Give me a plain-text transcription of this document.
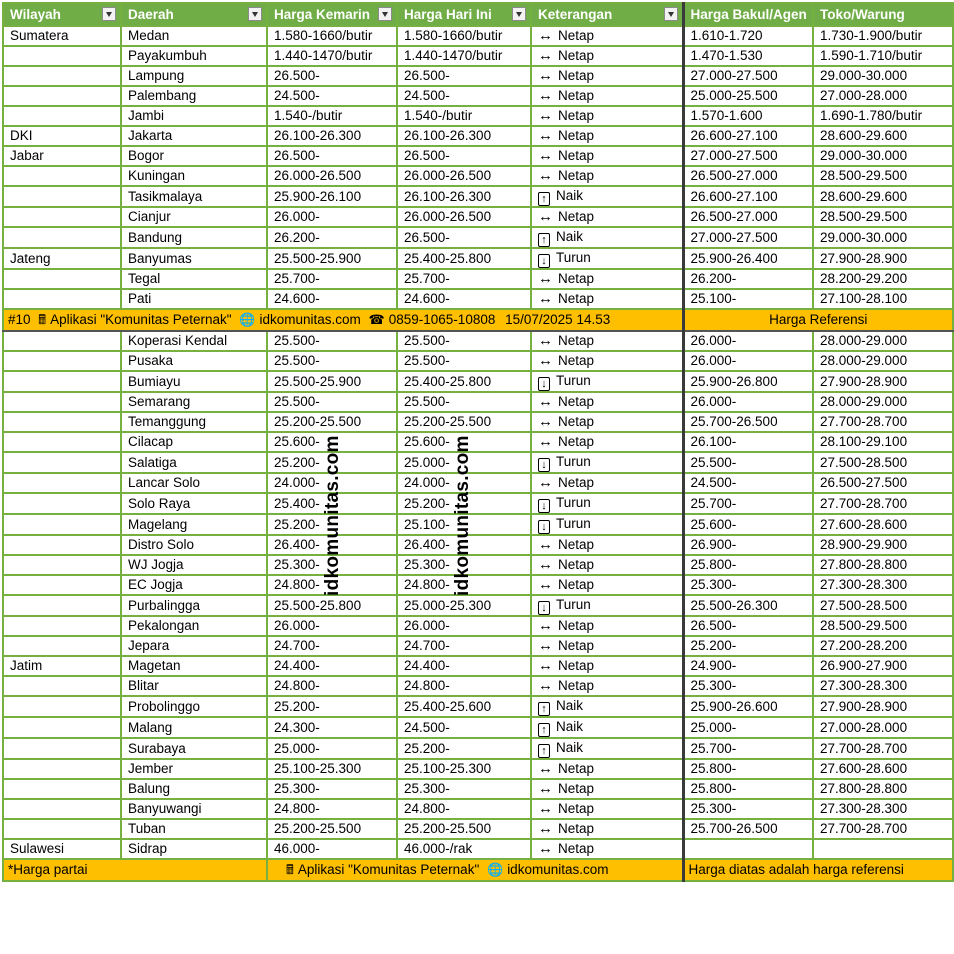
Wilayah	Daerah	Harga Kemarin	Harga Hari Ini	Keterangan	Harga Bakul/Agen	Toko/Warung
Sumatera	Medan	1.580-1660/butir	1.580-1660/butir	↔ Netap	1.610-1.720	1.730-1.900/butir
	Payakumbuh	1.440-1470/butir	1.440-1470/butir	↔ Netap	1.470-1.530	1.590-1.710/butir
	Lampung	26.500-	26.500-	↔ Netap	27.000-27.500	29.000-30.000
	Palembang	24.500-	24.500-	↔ Netap	25.000-25.500	27.000-28.000
	Jambi	1.540-/butir	1.540-/butir	↔ Netap	1.570-1.600	1.690-1.780/butir
DKI	Jakarta	26.100-26.300	26.100-26.300	↔ Netap	26.600-27.100	28.600-29.600
Jabar	Bogor	26.500-	26.500-	↔ Netap	27.000-27.500	29.000-30.000
	Kuningan	26.000-26.500	26.000-26.500	↔ Netap	26.500-27.000	28.500-29.500
	Tasikmalaya	25.900-26.100	26.100-26.300	↑ Naik	26.600-27.100	28.600-29.600
	Cianjur	26.000-	26.000-26.500	↔ Netap	26.500-27.000	28.500-29.500
	Bandung	26.200-	26.500-	↑ Naik	27.000-27.500	29.000-30.000
Jateng	Banyumas	25.500-25.900	25.400-25.800	↓ Turun	25.900-26.400	27.900-28.900
	Tegal	25.700-	25.700-	↔ Netap	26.200-	28.200-29.200
	Pati	24.600-	24.600-	↔ Netap	25.100-	27.100-28.100
#10 🖩 Aplikasi "Komunitas Peternak" 🌐 idkomunitas.com ☎ 0859-1065-10808 15/07/2025 14.53					Harga Referensi	
	Koperasi Kendal	25.500-	25.500-	↔ Netap	26.000-	28.000-29.000
	Pusaka	25.500-	25.500-	↔ Netap	26.000-	28.000-29.000
	Bumiayu	25.500-25.900	25.400-25.800	↓ Turun	25.900-26.800	27.900-28.900
	Semarang	25.500-	25.500-	↔ Netap	26.000-	28.000-29.000
	Temanggung	25.200-25.500	25.200-25.500	↔ Netap	25.700-26.500	27.700-28.700
	Cilacap	25.600-	25.600-	↔ Netap	26.100-	28.100-29.100
	Salatiga	25.200-	25.000-	↓ Turun	25.500-	27.500-28.500
	Lancar Solo	24.000-	24.000-	↔ Netap	24.500-	26.500-27.500
	Solo Raya	25.400-	25.200-	↓ Turun	25.700-	27.700-28.700
	Magelang	25.200-	25.100-	↓ Turun	25.600-	27.600-28.600
	Distro Solo	26.400-	26.400-	↔ Netap	26.900-	28.900-29.900
	WJ Jogja	25.300-	25.300-	↔ Netap	25.800-	27.800-28.800
	EC Jogja	24.800-	24.800-	↔ Netap	25.300-	27.300-28.300
	Purbalingga	25.500-25.800	25.000-25.300	↓ Turun	25.500-26.300	27.500-28.500
	Pekalongan	26.000-	26.000-	↔ Netap	26.500-	28.500-29.500
	Jepara	24.700-	24.700-	↔ Netap	25.200-	27.200-28.200
Jatim	Magetan	24.400-	24.400-	↔ Netap	24.900-	26.900-27.900
	Blitar	24.800-	24.800-	↔ Netap	25.300-	27.300-28.300
	Probolinggo	25.200-	25.400-25.600	↑ Naik	25.900-26.600	27.900-28.900
	Malang	24.300-	24.500-	↑ Naik	25.000-	27.000-28.000
	Surabaya	25.000-	25.200-	↑ Naik	25.700-	27.700-28.700
	Jember	25.100-25.300	25.100-25.300	↔ Netap	25.800-	27.600-28.600
	Balung	25.300-	25.300-	↔ Netap	25.800-	27.800-28.800
	Banyuwangi	24.800-	24.800-	↔ Netap	25.300-	27.300-28.300
	Tuban	25.200-25.500	25.200-25.500	↔ Netap	25.700-26.500	27.700-28.700
Sulawesi	Sidrap	46.000-	46.000-/rak	↔ Netap		
*Harga partai		🖩 Aplikasi "Komunitas Peternak" 🌐 idkomunitas.com			Harga diatas adalah harga referensi	
idkomunitas.com	idkomunitas.com
